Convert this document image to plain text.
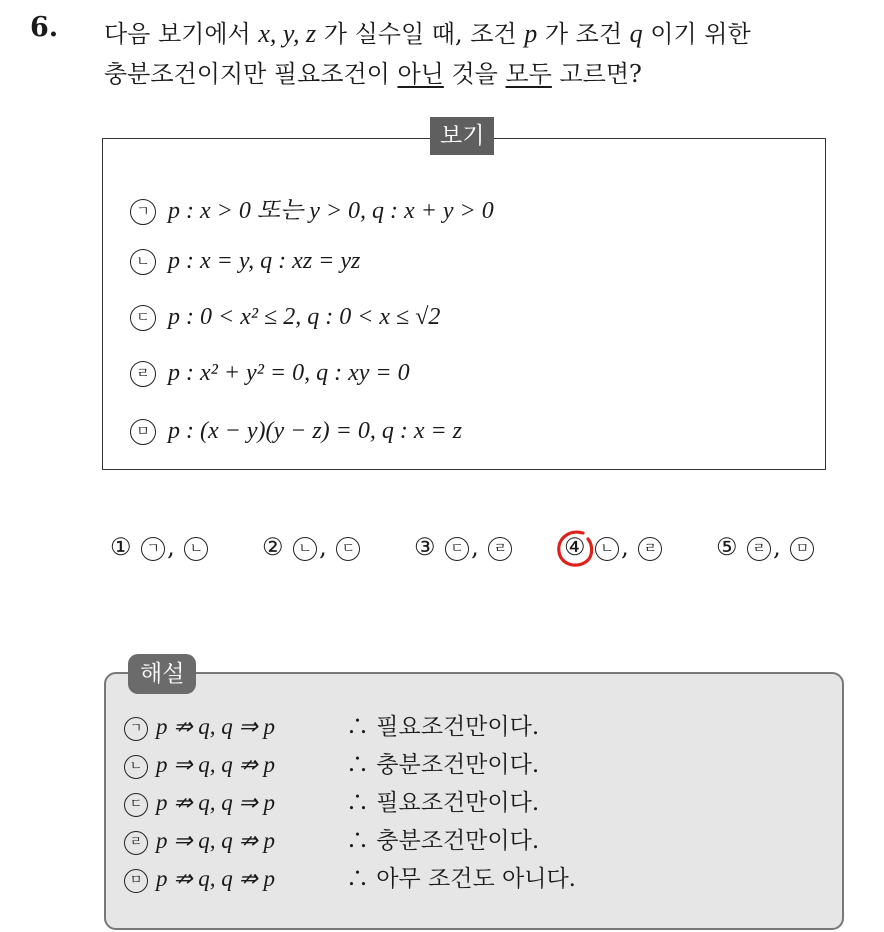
6. 다음 보기에서 x, y, z 가 실수일 때, 조건 p 가 조건 q 이기 위한
충분조건이지만 필요조건이 아닌 것을 모두 고르면?
보기
ㄱ p : x > 0 또는 y > 0, q : x + y > 0
ㄴ p : x = y, q : xz = yz
ㄷ p : 0 < x² ≤ 2, q : 0 < x ≤ √2
ㄹ p : x² + y² = 0, q : xy = 0
ㅁ p : (x − y)(y − z) = 0, q : x = z
① ㄱ , ㄴ	② ㄴ , ㄷ	③ ㄷ , ㄹ	④ ㄴ , ㄹ	⑤ ㄹ , ㅁ
해설
ㄱ p ⇏ q, q ⇒ p	∴ 필요조건만이다.
ㄴ p ⇒ q, q ⇏ p	∴ 충분조건만이다.
ㄷ p ⇏ q, q ⇒ p	∴ 필요조건만이다.
ㄹ p ⇒ q, q ⇏ p	∴ 충분조건만이다.
ㅁ p ⇏ q, q ⇏ p	∴ 아무 조건도 아니다.
